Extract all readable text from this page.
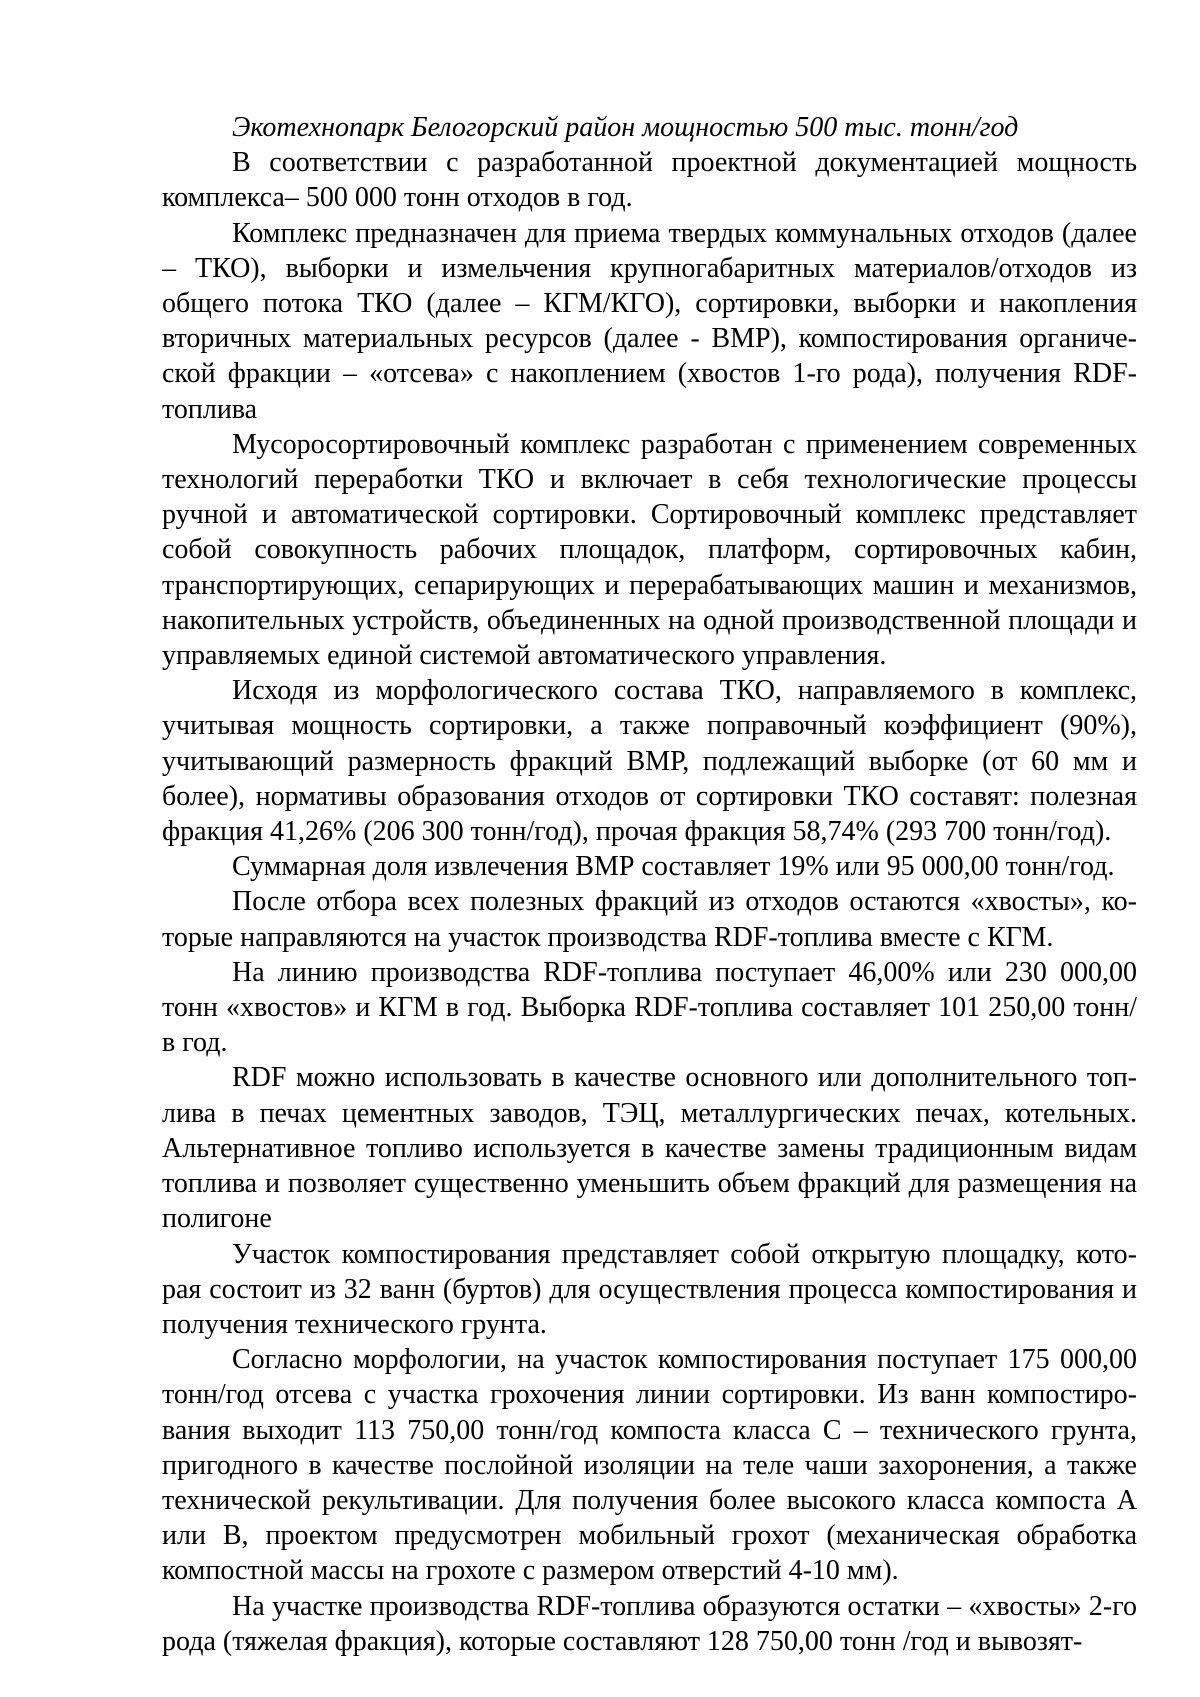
Экотехнопарк Белогорский район мощностью 500 тыс. тонн/год

В соответствии с разработанной проектной документацией мощность комплекса– 500 000 тонн отходов в год.

Комплекс предназначен для приема твердых коммунальных отходов (далее – ТКО), выборки и измельчения крупногабаритных материалов/отходов из общего потока ТКО (далее – КГМ/КГО), сортировки, выборки и накопления вторичных материальных ресурсов (далее - ВМР), компостирования органической фракции – «отсева» с накоплением (хвостов 1-го рода), получения RDF-топлива

Мусоросортировочный комплекс разработан с применением современных технологий переработки ТКО и включает в себя технологические процессы ручной и автоматической сортировки. Сортировочный комплекс представляет собой совокупность рабочих площадок, платформ, сортировочных кабин, транспортирующих, сепарирующих и перерабатывающих машин и механизмов, накопительных устройств, объединенных на одной производственной площади и управляемых единой системой автоматического управления.

Исходя из морфологического состава ТКО, направляемого в комплекс, учитывая мощность сортировки, а также поправочный коэффициент (90%), учитывающий размерность фракций ВМР, подлежащий выборке (от 60 мм и более), нормативы образования отходов от сортировки ТКО составят: полезная фракция 41,26% (206 300 тонн/год), прочая фракция 58,74% (293 700 тонн/год).

Суммарная доля извлечения ВМР составляет 19% или 95 000,00 тонн/год.

После отбора всех полезных фракций из отходов остаются «хвосты», которые направляются на участок производства RDF-топлива вместе с КГМ.

На линию производства RDF-топлива поступает 46,00% или 230 000,00 тонн «хвостов» и КГМ в год. Выборка RDF-топлива составляет 101 250,00 тонн/в год.

RDF можно использовать в качестве основного или дополнительного топлива в печах цементных заводов, ТЭЦ, металлургических печах, котельных. Альтернативное топливо используется в качестве замены традиционным видам топлива и позволяет существенно уменьшить объем фракций для размещения на полигоне

Участок компостирования представляет собой открытую площадку, которая состоит из 32 ванн (буртов) для осуществления процесса компостирования и получения технического грунта.

Согласно морфологии, на участок компостирования поступает 175 000,00 тонн/год отсева с участка грохочения линии сортировки. Из ванн компостирования выходит 113 750,00 тонн/год компоста класса С – технического грунта, пригодного в качестве послойной изоляции на теле чаши захоронения, а также технической рекультивации. Для получения более высокого класса компоста А или В, проектом предусмотрен мобильный грохот (механическая обработка компостной массы на грохоте с размером отверстий 4-10 мм).

На участке производства RDF-топлива образуются остатки – «хвосты» 2-го рода (тяжелая фракция), которые составляют 128 750,00 тонн /год и вывозят-
